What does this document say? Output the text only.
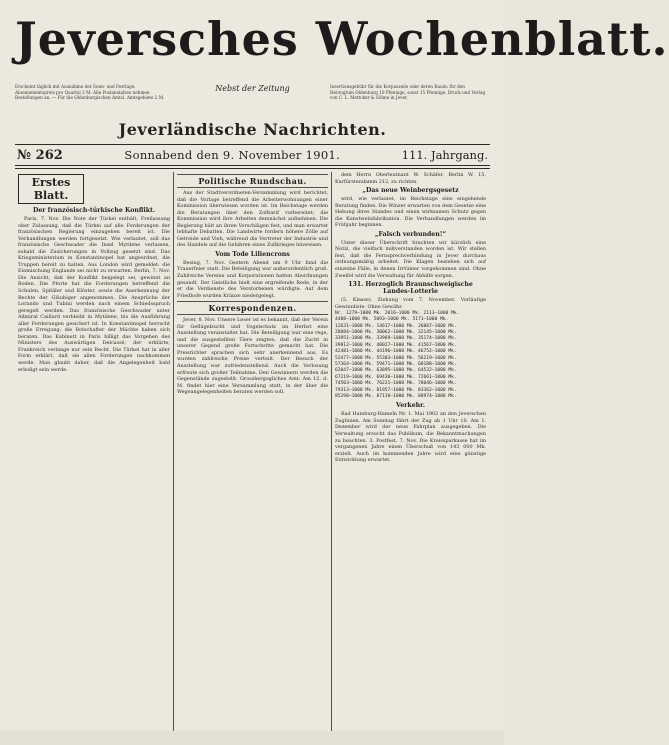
Jeversches Wochenblatt.
Erscheint täglich mit Ausnahme der Sonn- und Festtage. Abonnementspreis pro Quartal 2 M. Alle Postanstalten nehmen Bestellungen an. — Für die Oldenburgischen Amtsl. Amtsgebiete 2 M.
Nebst der Zeitung	Insertionsgebühr für die Korpuszeile oder deren Raum: für den Herzogtum Oldenburg 10 Pfennige, sonst 15 Pfennige. Druck und Verlag von C. L. Mettcker & Söhne in Jever.
Jeverländische Nachrichten.
№ 262	Sonnabend den 9. November 1901.	111. Jahrgang.
Erstes Blatt.
Der französisch-türkische Konflikt.

Paris, 7. Nov. Die Note der Türkei enthält, Freilassung ober Zulassung, daß die Türkei auf alle Forderungen der französischen Regierung einzugehen bereit ist. Die Verhandlungen werden fortgesetzt. Wie verlautet, soll das französische Geschwader die Insel Mytilene verlassen, sobald die Zusicherungen in Vollzug gesetzt sind. Das Kriegsministerium in Konstantinopel hat angeordnet, die Truppen bereit zu halten. Aus London wird gemeldet: die Einmischung Englands sei nicht zu erwarten. Berlin, 7. Nov. Die Ansicht, daß der Konflikt beigelegt sei, gewinnt an Boden. Die Pforte hat die Forderungen betreffend die Schulen, Spitäler und Klöster, sowie die Anerkennung der Rechte der Gläubiger angenommen. Die Ansprüche der Lorando und Tubini werden nach einem Schiedsspruch geregelt werden. Das französische Geschwader unter Admiral Caillard verbleibt in Mytilene, bis die Ausführung aller Forderungen gesichert ist. In Konstantinopel herrscht große Erregung; die Botschafter der Mächte haben sich beraten. Das Kabinett in Paris billigt das Vorgehen des Ministers des Auswärtigen Delcassé, der erklärte, Frankreich verlange nur sein Recht. Die Türkei hat in aller Form erklärt, daß sie allen Forderungen nachkommen werde. Man glaubt daher, daß die Angelegenheit bald erledigt sein werde.

Politische Rundschau.

Aus der Stadtverordneten-Versammlung wird berichtet, daß die Vorlage betreffend die Arbeiterwohnungen einer Kommission überwiesen worden ist. Im Reichstage werden die Beratungen über den Zolltarif vorbereitet; die Kommission wird ihre Arbeiten demnächst aufnehmen. Die Regierung hält an ihren Vorschlägen fest, und man erwartet lebhafte Debatten. Die Landwirte fordern höhere Zölle auf Getreide und Vieh, während die Vertreter der Industrie und des Handels auf die Gefahren eines Zollkrieges hinweisen.

Vom Tode Liliencrons

Besing, 7. Nov. Gestern Abend um 9 Uhr fand die Trauerfeier statt. Die Beteiligung war außerordentlich groß. Zahlreiche Vereine und Korporationen hatten Abordnungen gesandt. Der Geistliche hielt eine ergreifende Rede, in der er die Verdienste des Verstorbenen würdigte. Auf dem Friedhofe wurden Kränze niedergelegt.

Korrespondenzen.

Jever, 8. Nov. Unsere Leser ist es bekannt, daß der Verein für Geflügelzucht und Vogelschutz im Herbst eine Ausstellung veranstaltet hat. Die Beteiligung war eine rege, und die ausgestellten Tiere zeigten, daß die Zucht in unserer Gegend große Fortschritte gemacht hat. Die Preisrichter sprachen sich sehr anerkennend aus. Es wurden zahlreiche Preise verteilt. Der Besuch der Ausstellung war zufriedenstellend. Auch die Verlosung erfreute sich großer Teilnahme. Den Gewinnern werden die Gegenstände zugestellt. Grosshergogliches Amt: Am 12. d. M. findet hier eine Versammlung statt, in der über die Wegeangelegenheiten beraten werden soll.

dem Herrn Oberleutnant W. Schäfer, Berlin W. 15, Kurfürstendamm 212, zu richten.

„Das neue Weinbergsgesetz

wird, wie verlautet, im Reichstage eine eingehende Beratung finden. Die Winzer erwarten von dem Gesetze eine Hebung ihres Standes und einen wirksamen Schutz gegen die Kunstweinfabrikation. Die Verhandlungen werden im Frühjahr beginnen.

„Falsch verbunden!“

Unter dieser Überschrift brachten wir kürzlich eine Notiz, die vielfach mißverstanden worden ist. Wir stellen fest, daß die Fernsprechverbindung in Jever durchaus ordnungsmäßig arbeitet. Die Klagen beziehen sich auf einzelne Fälle, in denen Irrtümer vorgekommen sind. Ohne Zweifel wird die Verwaltung für Abhilfe sorgen.

131. Herzoglich Braunschweigische Landes-Lotterie

(5. Klasse). Ziehung vom 7. November. Vorläufige Gewinnliste. Ohne Gewähr.

Nr. 1279—1000 Mk. 2016—1000 Mk. 2113—1000 Mk.
4488—1000 Mk. 5093—1000 Mk. 5171—1000 Mk.
12631—1000 Mk. 14617—1000 Mk. 26087—1000 Mk.
28884—1000 Mk. 30062—1000 Mk. 32145—1000 Mk.
33951—1000 Mk. 33969—1000 Mk. 35174—1000 Mk.
39812—1000 Mk. 40027—1000 Mk. 41567—1000 Mk.
42481—1000 Mk. 44196—1000 Mk. 46752—1000 Mk.
52477—1000 Mk. 55303—1000 Mk. 56219—1000 Mk.
57364—1000 Mk. 59471—1000 Mk. 60188—1000 Mk.
62047—1000 Mk. 63895—1000 Mk. 64532—1000 Mk.
67219—1000 Mk. 69430—1000 Mk. 72661—1000 Mk.
74503—1000 Mk. 76221—1000 Mk. 78046—1000 Mk.
79313—1000 Mk. 81957—1000 Mk. 83362—1000 Mk.
85290—1000 Mk. 87118—1000 Mk. 88974—1000 Mk.
Verkehr.

Bad Hamburg-Hameln Nr. 1. Mai 1902 an den Jeverschen Zuglinien. Am Sonntag fährt der Zug ab 1 Uhr 10. Am 1. Dezember wird der neue Fahrplan ausgegeben. Die Verwaltung ersucht das Publikum, die Bekanntmachungen zu beachten. 3. Postfest. 7. Nov. Die Kreissparkasse hat im vergangenen Jahre einen Überschuß von 143 000 Mk. erzielt. Auch im kommenden Jahre wird eine günstige Entwicklung erwartet.
